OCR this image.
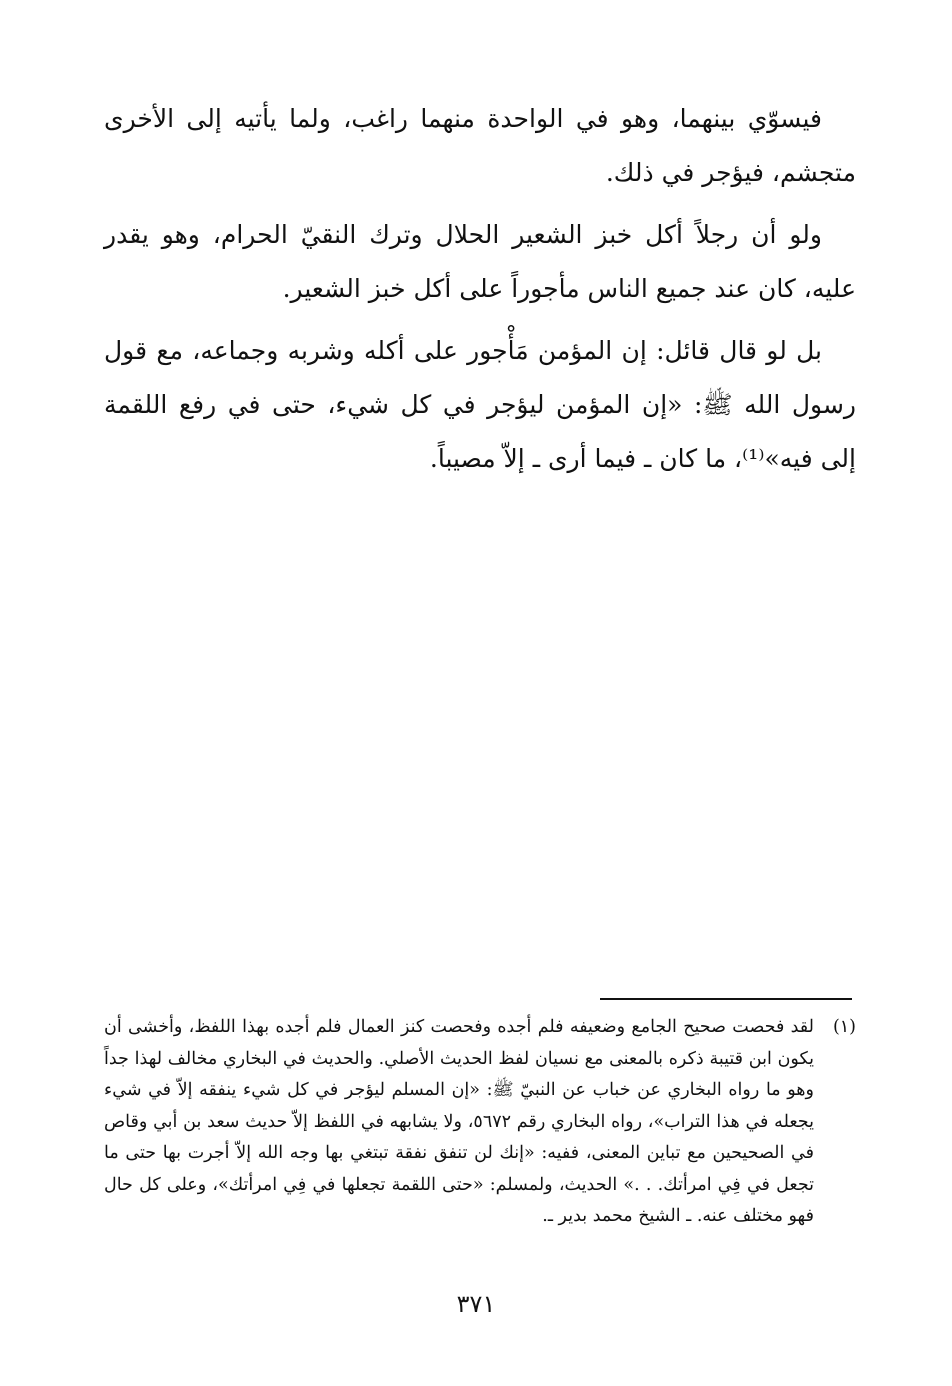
فيسوّي بينهما، وهو في الواحدة منهما راغب، ولما يأتيه إلى الأخرى متجشم، فيؤجر في ذلك.

ولو أن رجلاً أكل خبز الشعير الحلال وترك النقيّ الحرام، وهو يقدر عليه، كان عند جميع الناس مأجوراً على أكل خبز الشعير.

بل لو قال قائل: إن المؤمن مَأْجور على أكله وشربه وجماعه، مع قول رسول الله ﷺ: «إن المؤمن ليؤجر في كل شيء، حتى في رفع اللقمة إلى فيه»⁽¹⁾، ما كان ـ فيما أرى ـ إلاّ مصيباً.

(١)

لقد فحصت صحيح الجامع وضعيفه فلم أجده وفحصت كنز العمال فلم أجده بهذا اللفظ، وأخشى أن يكون ابن قتيبة ذكره بالمعنى مع نسيان لفظ الحديث الأصلي. والحديث في البخاري مخالف لهذا جداً وهو ما رواه البخاري عن خباب عن النبيّ ﷺ: «إن المسلم ليؤجر في كل شيء ينفقه إلاّ في شيء يجعله في هذا التراب»، رواه البخاري رقم ٥٦٧٢، ولا يشابهه في اللفظ إلاّ حديث سعد بن أبي وقاص في الصحيحين مع تباين المعنى، ففيه: «إنك لن تنفق نفقة تبتغي بها وجه الله إلاّ أجرت بها حتى ما تجعل في فِي امرأتك. . .» الحديث، ولمسلم: «حتى اللقمة تجعلها في فِي امرأتك»، وعلى كل حال فهو مختلف عنه. ـ الشيخ محمد بدير ـ.

٣٧١
